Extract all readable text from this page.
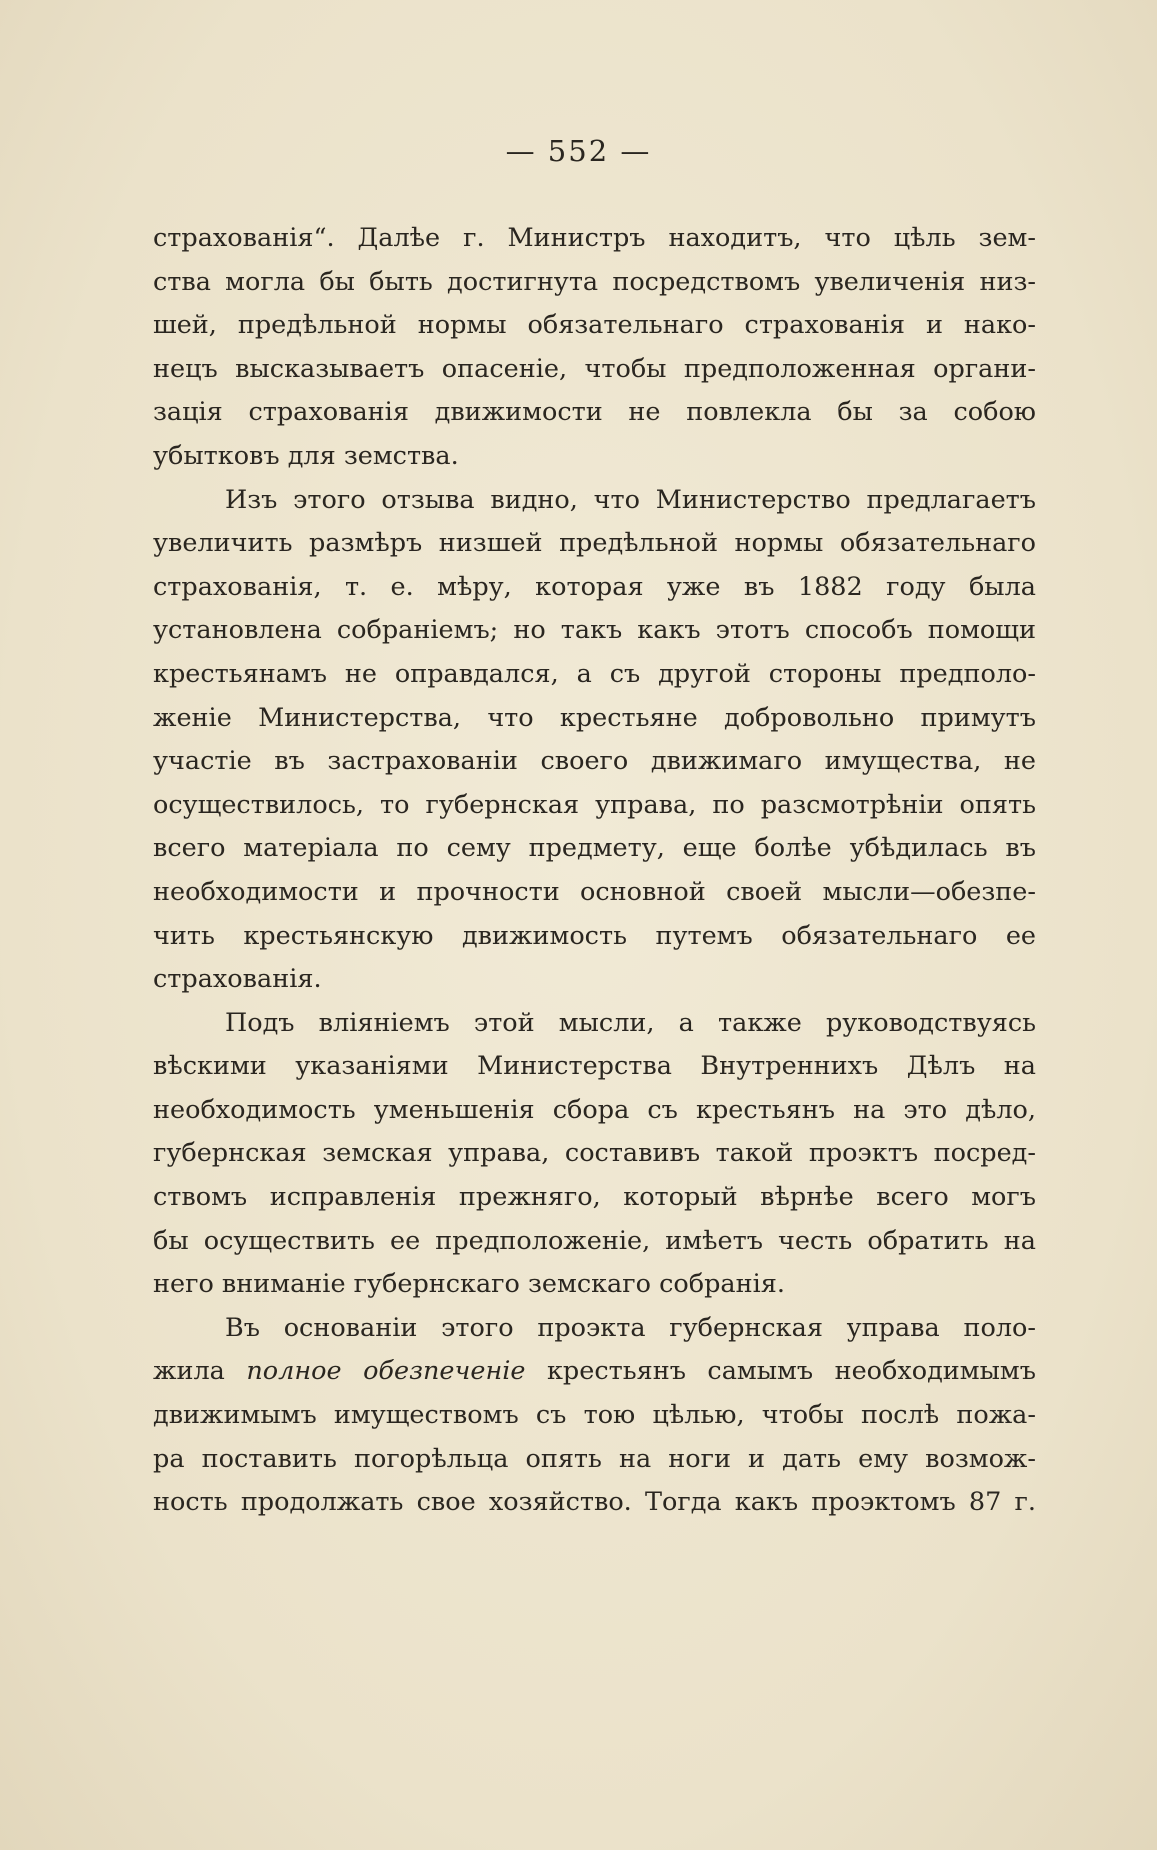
— 552 —
страхованія“. Далѣе г. Министръ находитъ, что цѣль зем-
ства могла бы быть достигнута посредствомъ увеличенія низ-
шей, предѣльной нормы обязательнаго страхованія и нако-
нецъ высказываетъ опасеніе, чтобы предположенная органи-
зація страхованія движимости не повлекла бы за собою
убытковъ для земства.
Изъ этого отзыва видно, что Министерство предлагаетъ
увеличить размѣръ низшей предѣльной нормы обязательнаго
страхованія, т. е. мѣру, которая уже въ 1882 году была
установлена собраніемъ; но такъ какъ этотъ способъ помощи
крестьянамъ не оправдался, а съ другой стороны предполо-
женіе Министерства, что крестьяне добровольно примутъ
участіе въ застрахованіи своего движимаго имущества, не
осуществилось, то губернская управа, по разсмотрѣніи опять
всего матеріала по сему предмету, еще болѣе убѣдилась въ
необходимости и прочности основной своей мысли—обезпе-
чить крестьянскую движимость путемъ обязательнаго ее
страхованія.
Подъ вліяніемъ этой мысли, а также руководствуясь
вѣскими указаніями Министерства Внутреннихъ Дѣлъ на
необходимость уменьшенія сбора съ крестьянъ на это дѣло,
губернская земская управа, составивъ такой проэктъ посред-
ствомъ исправленія прежняго, который вѣрнѣе всего могъ
бы осуществить ее предположеніе, имѣетъ честь обратить на
него вниманіе губернскаго земскаго собранія.
Въ основаніи этого проэкта губернская управа поло-
жила полное обезпеченіе крестьянъ самымъ необходимымъ
движимымъ имуществомъ съ тою цѣлью, чтобы послѣ пожа-
ра поставить погорѣльца опять на ноги и дать ему возмож-
ность продолжать свое хозяйство. Тогда какъ проэктомъ 87 г.
